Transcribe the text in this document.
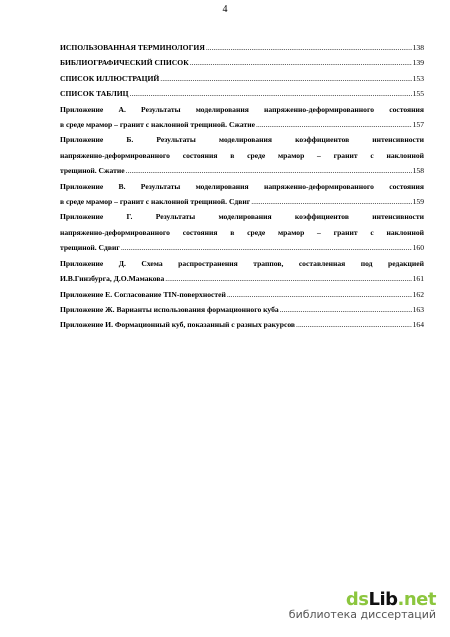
4
ИСПОЛЬЗОВАННАЯ ТЕРМИНОЛОГИЯ .....	138
БИБЛИОГРАФИЧЕСКИЙ СПИСОК .....	139
СПИСОК ИЛЛЮСТРАЦИЙ .....	153
СПИСОК ТАБЛИЦ .....	155
Приложение А. Результаты моделирования напряженно-деформированного состояния
в среде мрамор – гранит с наклонной трещиной. Сжатие .....	157
Приложение Б. Результаты моделирования коэффициентов интенсивности
напряженно-деформированного состояния в среде мрамор – гранит с наклонной
трещиной. Сжатие .....	158
Приложение В. Результаты моделирования напряженно-деформированного состояния
в среде мрамор – гранит с наклонной трещиной. Сдвиг .....	159
Приложение Г. Результаты моделирования коэффициентов интенсивности
напряженно-деформированного состояния в среде мрамор – гранит с наклонной
трещиной. Сдвиг .....	160
Приложение Д. Схема распространения траппов, составленная под редакцией
И.В.Гинзбурга, Д.О.Мамакова .....	161
Приложение Е. Согласование TIN-поверхностей .....	162
Приложение Ж. Варианты использования формационного куба .....	163
Приложение И. Формационный куб, показанный с разных ракурсов .....	164
ds Lib .net
библиотека диссертаций
